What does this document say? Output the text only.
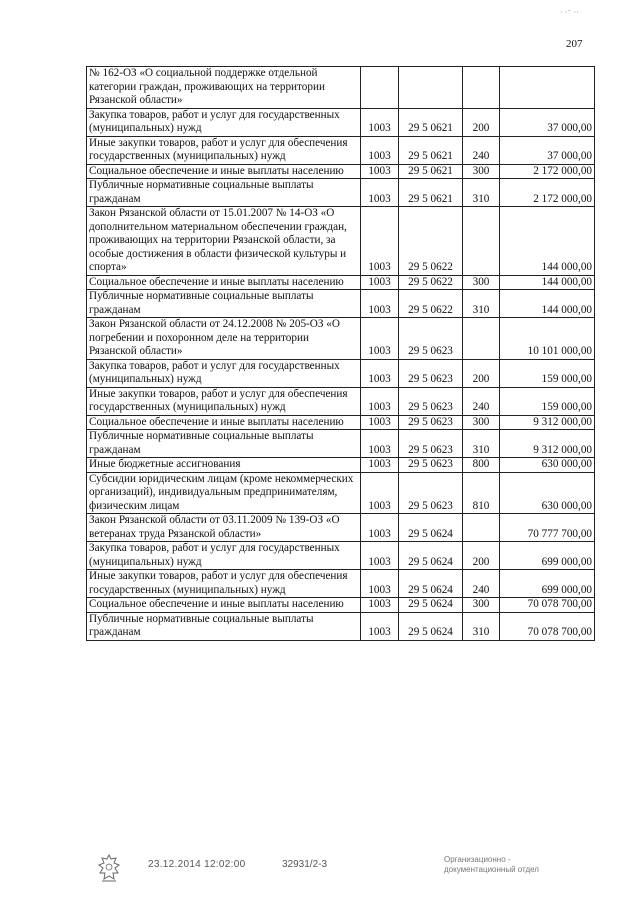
· ·⁻ ··
207
№ 162-ОЗ «О социальной поддержке отдельной категории граждан, проживающих на территории Рязанской области»				
Закупка товаров, работ и услуг для государственных (муниципальных) нужд	1003	29 5 0621	200	37 000,00
Иные закупки товаров, работ и услуг для обеспечения государственных (муниципальных) нужд	1003	29 5 0621	240	37 000,00
Социальное обеспечение и иные выплаты населению	1003	29 5 0621	300	2 172 000,00
Публичные нормативные социальные выплаты гражданам	1003	29 5 0621	310	2 172 000,00
Закон Рязанской области от 15.01.2007 № 14-ОЗ «О дополнительном материальном обеспечении граждан, проживающих на территории Рязанской области, за особые достижения в области физической культуры и спорта»	1003	29 5 0622		144 000,00
Социальное обеспечение и иные выплаты населению	1003	29 5 0622	300	144 000,00
Публичные нормативные социальные выплаты гражданам	1003	29 5 0622	310	144 000,00
Закон Рязанской области от 24.12.2008 № 205-ОЗ «О погребении и похоронном деле на территории Рязанской области»	1003	29 5 0623		10 101 000,00
Закупка товаров, работ и услуг для государственных (муниципальных) нужд	1003	29 5 0623	200	159 000,00
Иные закупки товаров, работ и услуг для обеспечения государственных (муниципальных) нужд	1003	29 5 0623	240	159 000,00
Социальное обеспечение и иные выплаты населению	1003	29 5 0623	300	9 312 000,00
Публичные нормативные социальные выплаты гражданам	1003	29 5 0623	310	9 312 000,00
Иные бюджетные ассигнования	1003	29 5 0623	800	630 000,00
Субсидии юридическим лицам (кроме некоммерческих организаций), индивидуальным предпринимателям, физическим лицам	1003	29 5 0623	810	630 000,00
Закон Рязанской области от 03.11.2009 № 139-ОЗ «О ветеранах труда Рязанской области»	1003	29 5 0624		70 777 700,00
Закупка товаров, работ и услуг для государственных (муниципальных) нужд	1003	29 5 0624	200	699 000,00
Иные закупки товаров, работ и услуг для обеспечения государственных (муниципальных) нужд	1003	29 5 0624	240	699 000,00
Социальное обеспечение и иные выплаты населению	1003	29 5 0624	300	70 078 700,00
Публичные нормативные социальные выплаты гражданам	1003	29 5 0624	310	70 078 700,00
23.12.2014 12:02:00	32931/2-3	Организационно -
документационный отдел
